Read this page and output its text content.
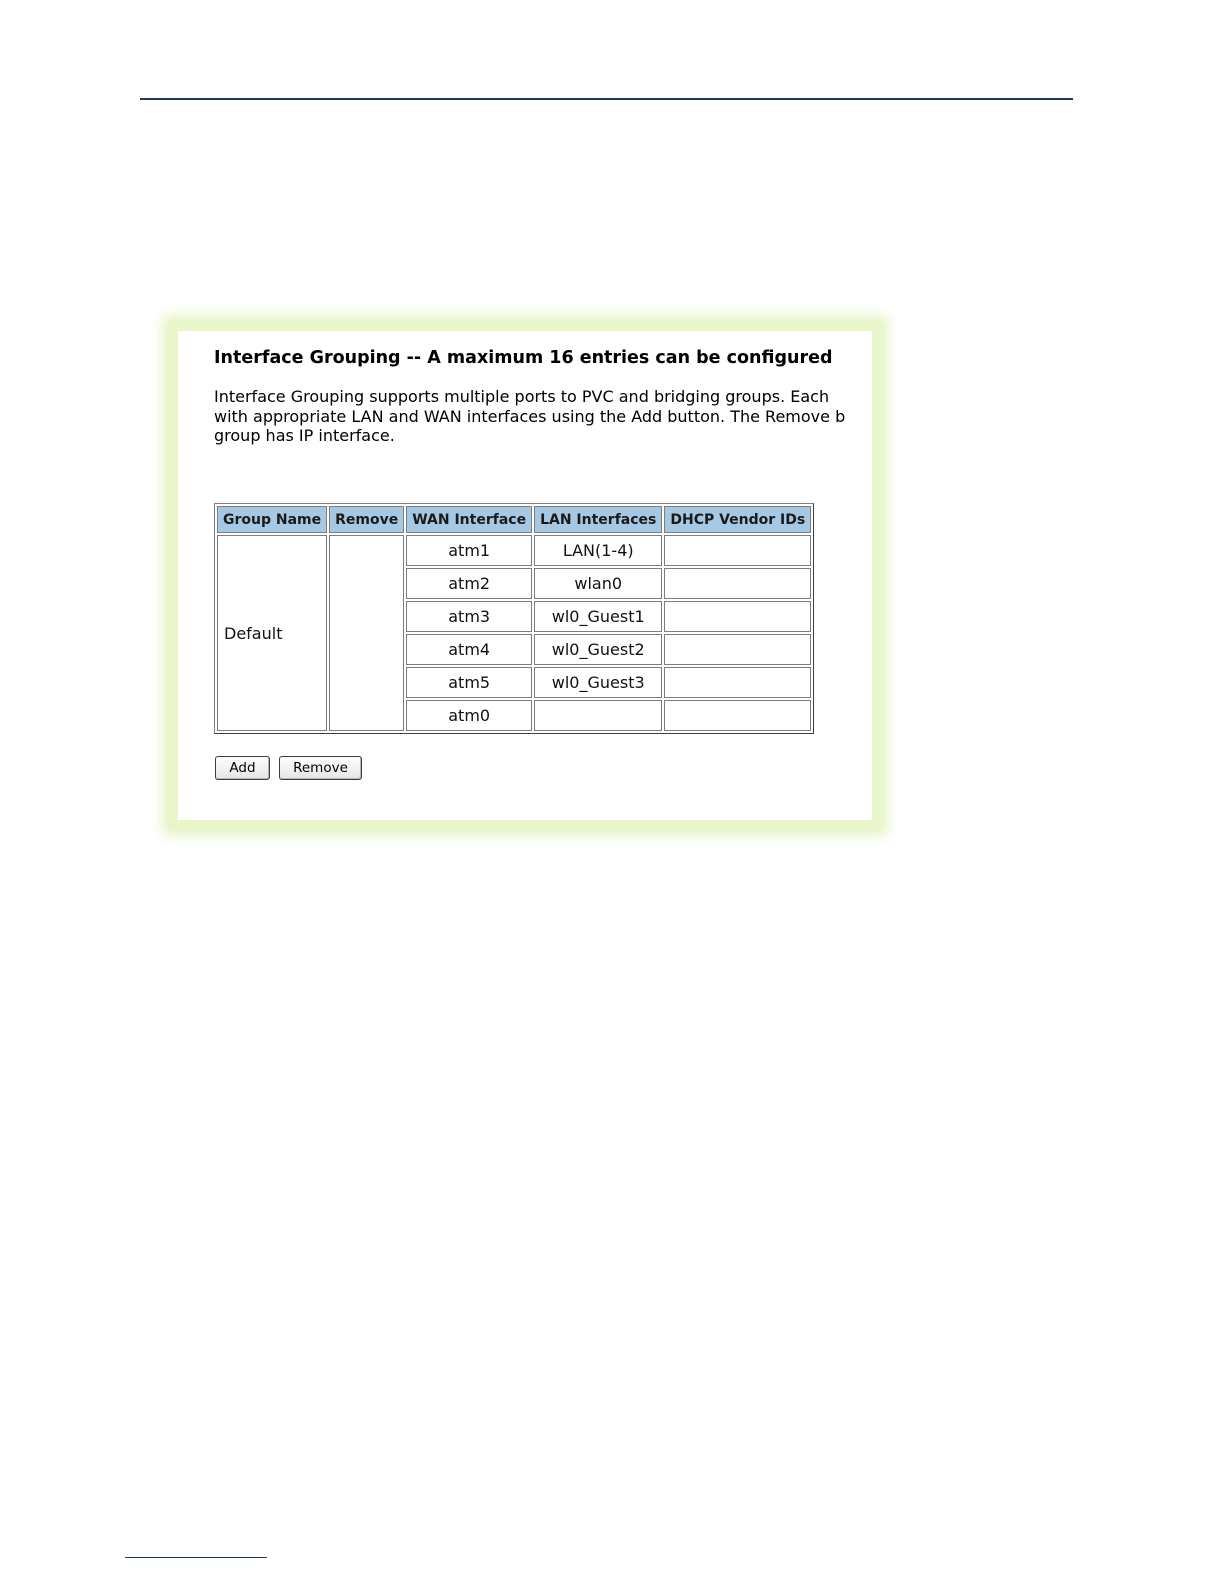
Interface Grouping -- A maximum 16 entries can be configured
Interface Grouping supports multiple ports to PVC and bridging groups. Each
with appropriate LAN and WAN interfaces using the Add button. The Remove b
group has IP interface.
Group Name	Remove	WAN Interface	LAN Interfaces	DHCP Vendor IDs
Default		atm1	LAN(1-4)	
		atm2	wlan0	
		atm3	wl0_Guest1	
		atm4	wl0_Guest2	
		atm5	wl0_Guest3	
		atm0		
Add	Remove
